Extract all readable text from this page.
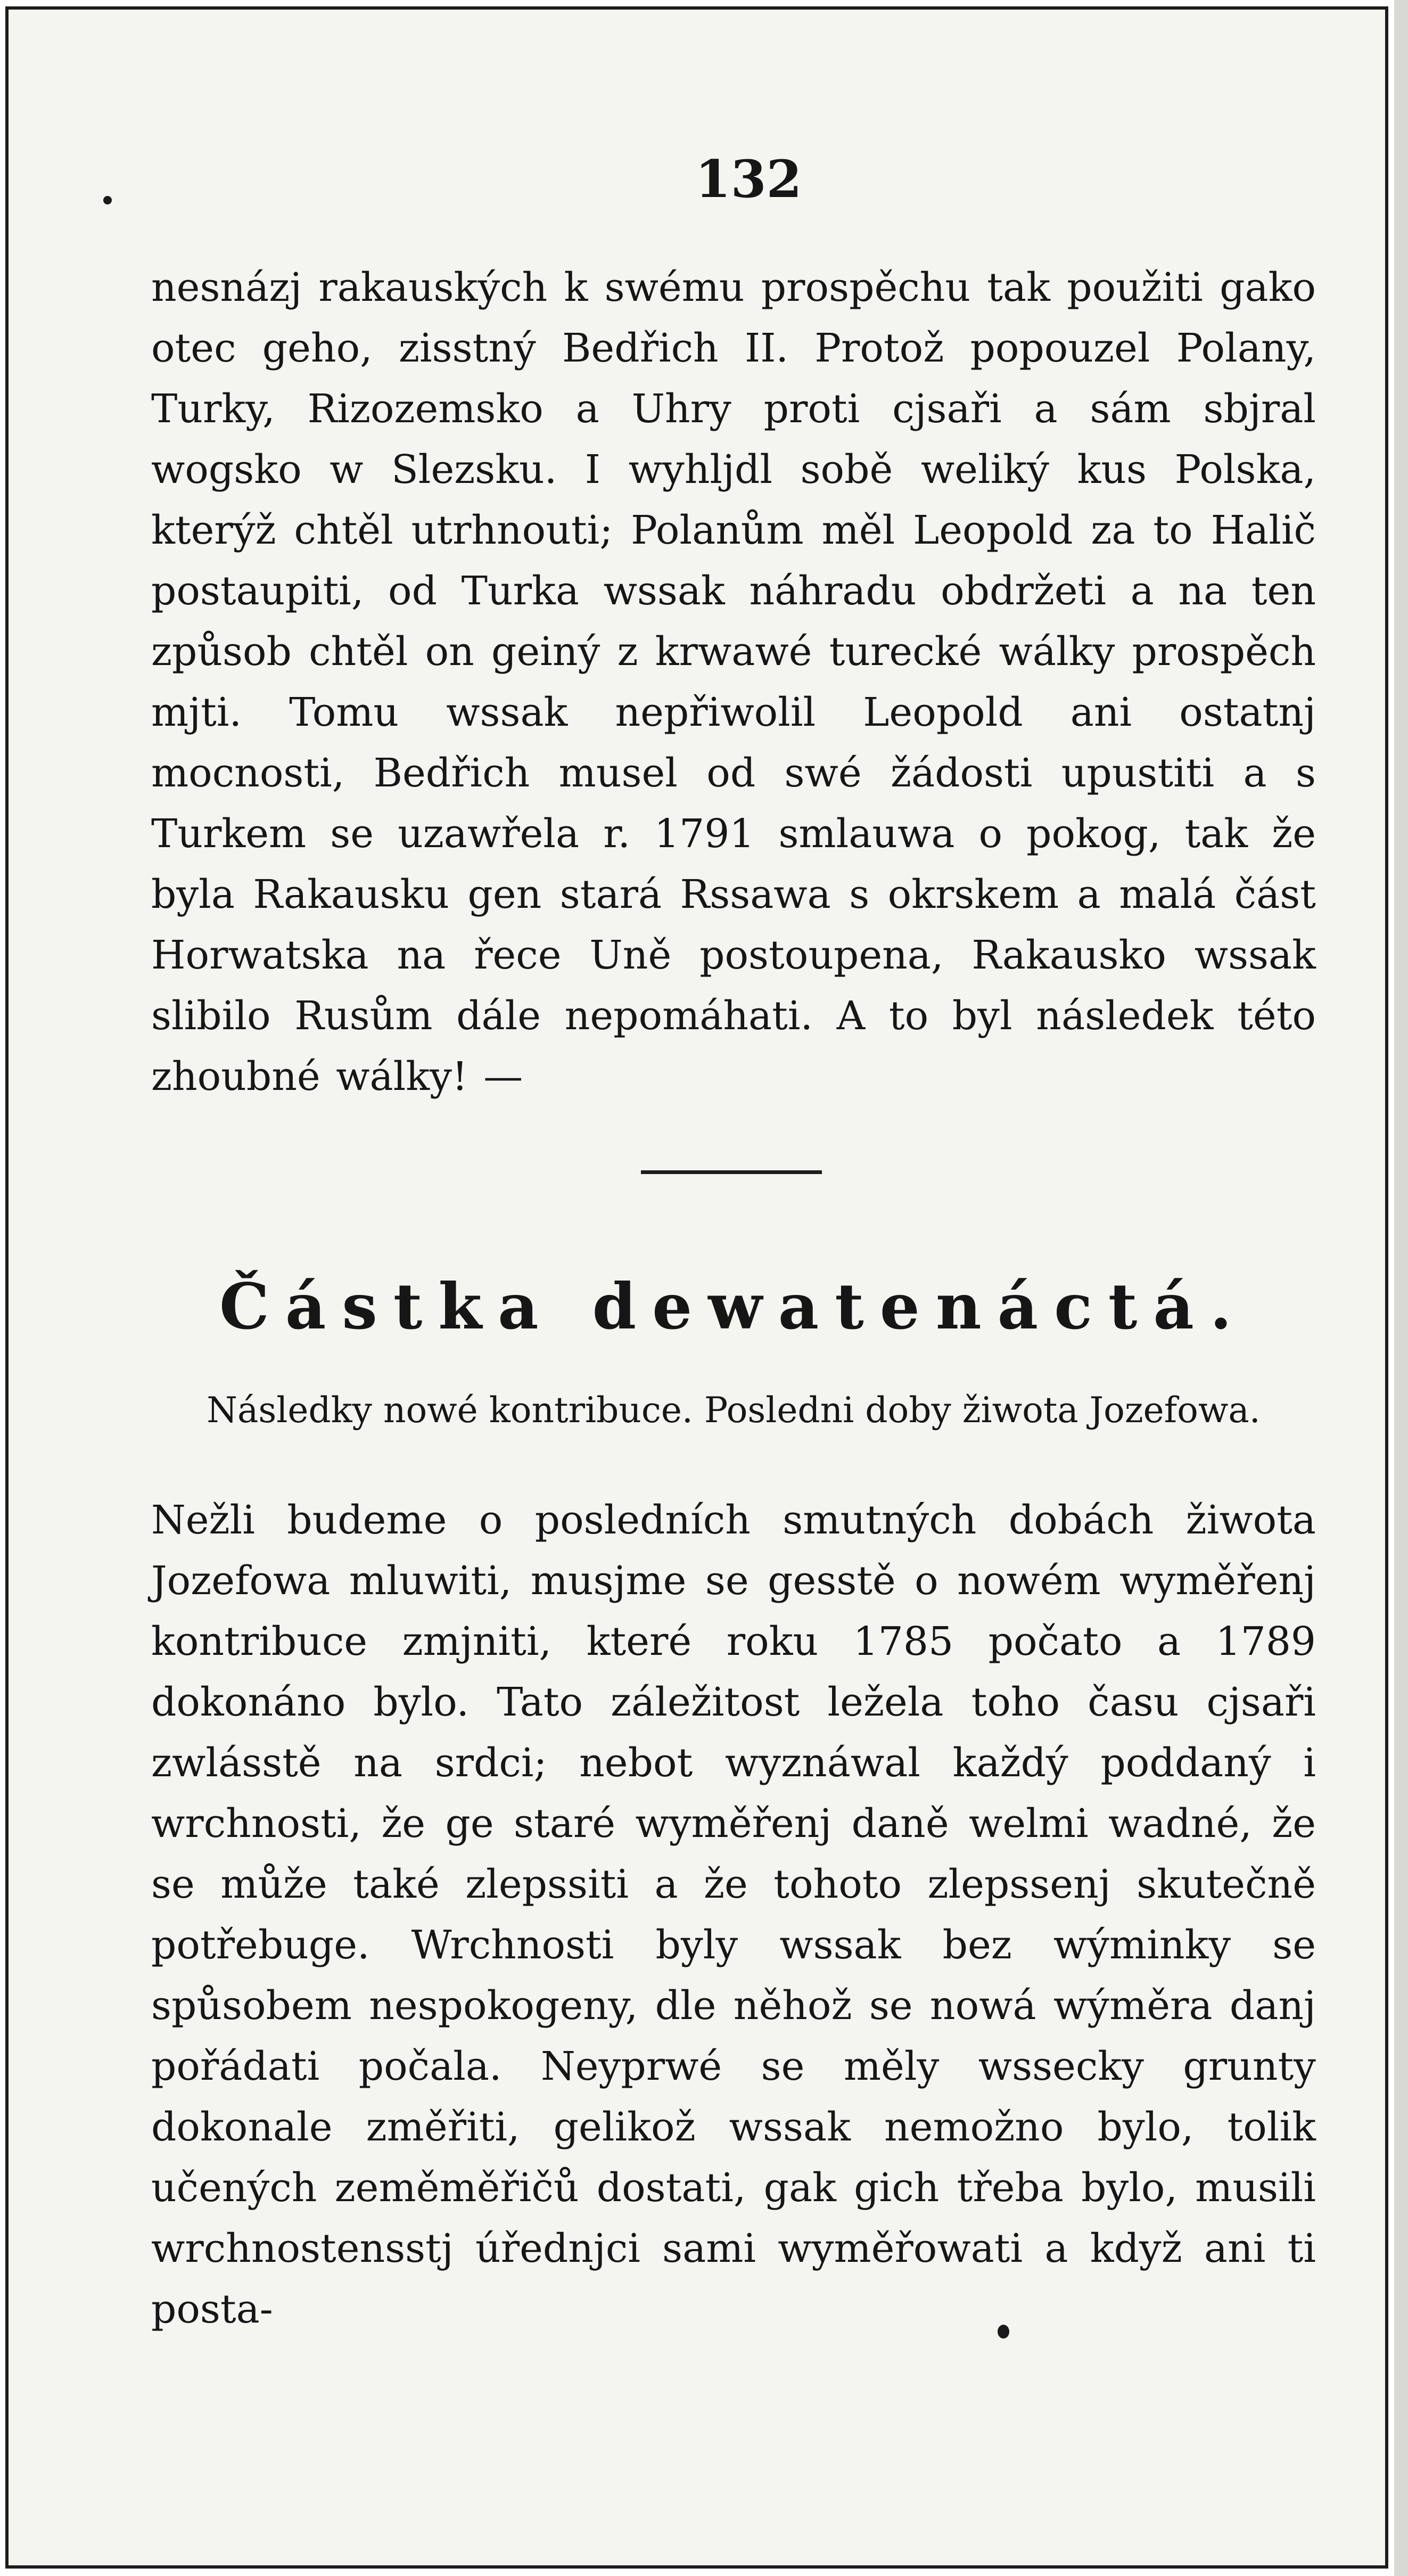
132

nesnázj rakauských k swému prospěchu tak použiti gako otec geho, zisstný Bedřich II. Protož popouzel Polany, Turky, Rizozemsko a Uhry proti cjsaři a sám sbjral wogsko w Slezsku. I wyhljdl sobě weliký kus Polska, kterýž chtěl utrhnouti; Polanům měl Leopold za to Halič postaupiti, od Turka wssak náhradu obdržeti a na ten způsob chtěl on geiný z krwawé turecké wálky prospěch mjti. Tomu wssak nepřiwolil Leopold ani ostatnj mocnosti, Bedřich musel od swé žádosti upustiti a s Turkem se uzawřela r. 1791 smlauwa o pokog, tak že byla Rakausku gen stará Rssawa s okrskem a malá část Horwatska na řece Uně postoupena, Rakausko wssak slibilo Rusům dále nepomáhati. A to byl následek této zhoubné wálky! —

Částka dewatenáctá.

Následky nowé kontribuce. Posledni doby žiwota Jozefowa.

Nežli budeme o posledních smutných dobách žiwota Jozefowa mluwiti, musjme se gesstě o nowém wyměřenj kontribuce zmjniti, které roku 1785 počato a 1789 dokonáno bylo. Tato záležitost ležela toho času cjsaři zwlásstě na srdci; nebot wyznáwal každý poddaný i wrchnosti, že ge staré wyměřenj daně welmi wadné, že se může také zlepssiti a že tohoto zlepssenj skutečně potřebuge. Wrchnosti byly wssak bez wýminky se spůsobem nespokogeny, dle něhož se nowá wýměra danj pořádati počala. Neyprwé se měly wssecky grunty dokonale změřiti, gelikož wssak nemožno bylo, tolik učených zeměměřičů dostati, gak gich třeba bylo, musili wrchnostensstj úřednjci sami wyměřowati a když ani ti posta-
